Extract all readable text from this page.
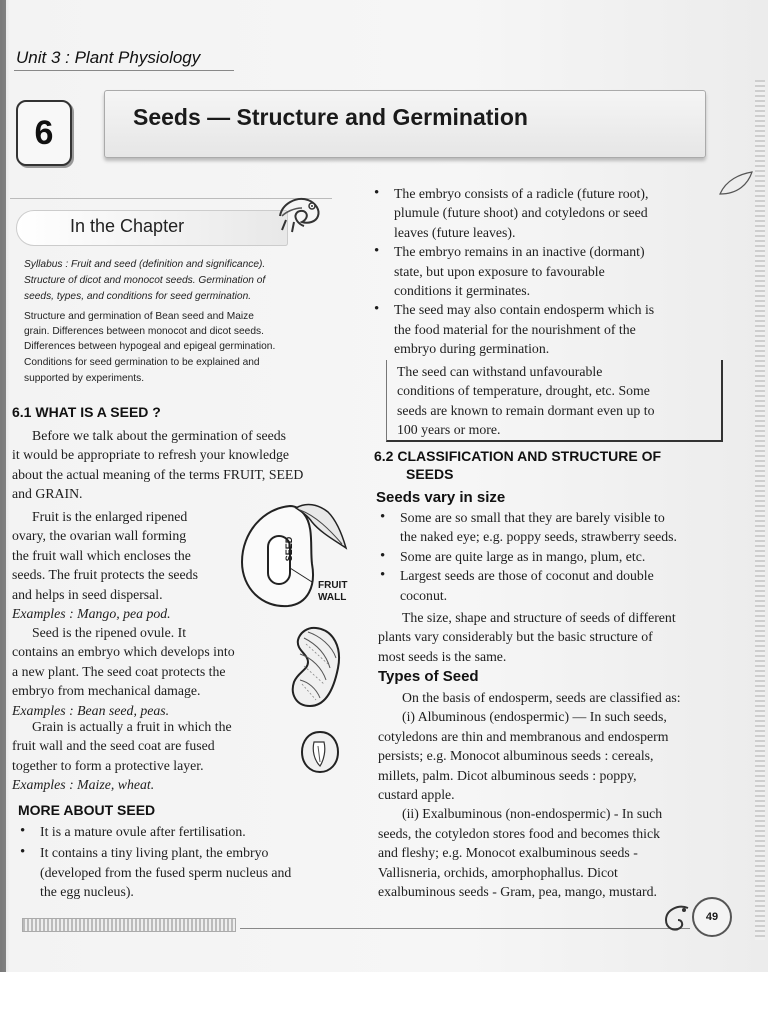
Unit 3 : Plant Physiology
6	Seeds — Structure and Germination
In the Chapter
Syllabus : Fruit and seed (definition and significance).
Structure of dicot and monocot seeds. Germination of
seeds, types, and conditions for seed germination.
Structure and germination of Bean seed and Maize
grain. Differences between monocot and dicot seeds.
Differences between hypogeal and epigeal germination.
Conditions for seed germination to be explained and
supported by experiments.
6.1 WHAT IS A SEED ?
Before we talk about the germination of seeds
it would be appropriate to refresh your knowledge
about the actual meaning of the terms FRUIT, SEED
and GRAIN.
Fruit is the enlarged ripened
ovary, the ovarian wall forming
the fruit wall which encloses the
seeds. The fruit protects the seeds
and helps in seed dispersal.
Examples : Mango, pea pod.
SEED
FRUIT
WALL
Seed is the ripened ovule. It
contains an embryo which develops into
a new plant. The seed coat protects the
embryo from mechanical damage.
Examples : Bean seed, peas.
Grain is actually a fruit in which the
fruit wall and the seed coat are fused
together to form a protective layer.
Examples : Maize, wheat.
MORE ABOUT SEED
• It is a mature ovule after fertilisation.
• It contains a tiny living plant, the embryo
(developed from the fused sperm nucleus and
the egg nucleus).
• The embryo consists of a radicle (future root),
plumule (future shoot) and cotyledons or seed
leaves (future leaves).
• The embryo remains in an inactive (dormant)
state, but upon exposure to favourable
conditions it germinates.
• The seed may also contain endosperm which is
the food material for the nourishment of the
embryo during germination.
The seed can withstand unfavourable
conditions of temperature, drought, etc. Some
seeds are known to remain dormant even up to
100 years or more.
6.2 CLASSIFICATION AND STRUCTURE OF
SEEDS
Seeds vary in size
• Some are so small that they are barely visible to
the naked eye; e.g. poppy seeds, strawberry seeds.
• Some are quite large as in mango, plum, etc.
• Largest seeds are those of coconut and double
coconut.
The size, shape and structure of seeds of different
plants vary considerably but the basic structure of
most seeds is the same.
Types of Seed
On the basis of endosperm, seeds are classified as:
(i) Albuminous (endospermic) — In such seeds,
cotyledons are thin and membranous and endosperm
persists; e.g. Monocot albuminous seeds : cereals,
millets, palm. Dicot albuminous seeds : poppy,
custard apple.
(ii) Exalbuminous (non-endospermic) - In such
seeds, the cotyledon stores food and becomes thick
and fleshy; e.g. Monocot exalbuminous seeds -
Vallisneria, orchids, amorphophallus. Dicot
exalbuminous seeds - Gram, pea, mango, mustard.
49
